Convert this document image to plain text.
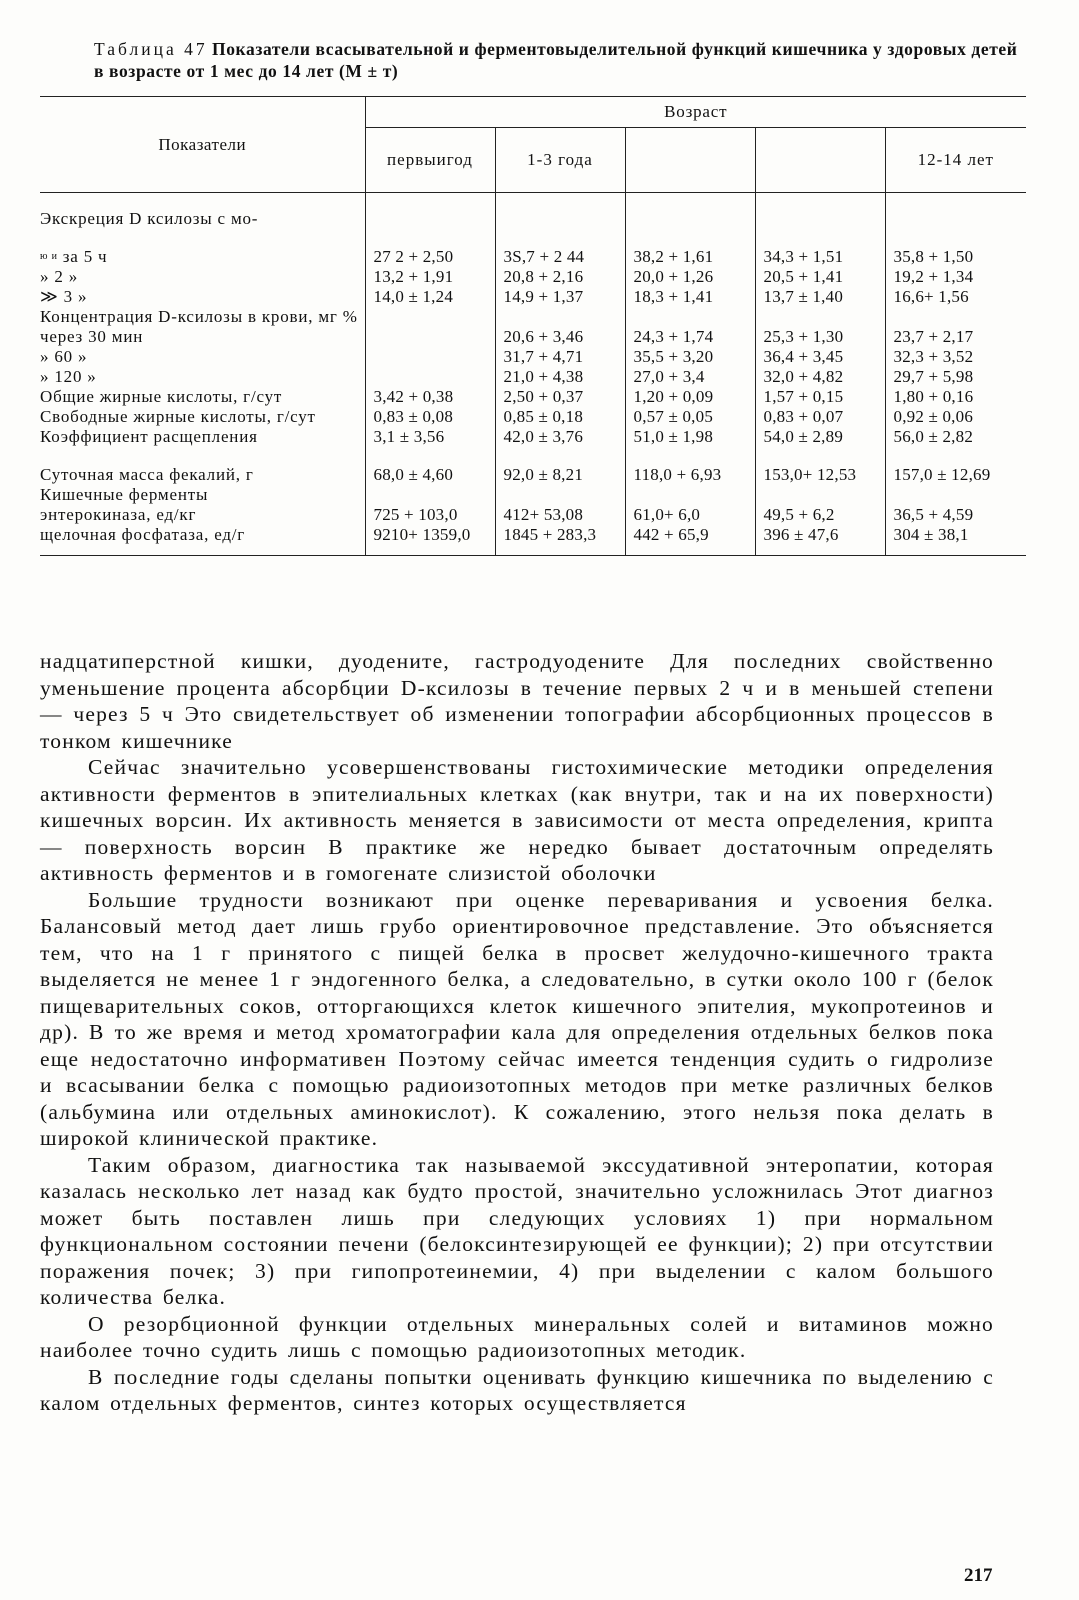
Таблица 47 Показатели всасывательной и ферментовыделительной функций кишечника у здоровых детей в возрасте от 1 мес до 14 лет (M ± т)
Показатели	Возраст				
	первыигод	1-3 года			12-14 лет
Экскреция D ксилозы с мо-					
$^{ю и}$ за 5 ч	27 2 + 2,50	3S,7 + 2 44	38,2 + 1,61	34,3 + 1,51	35,8 + 1,50
» 2 »	13,2 + 1,91	20,8 + 2,16	20,0 + 1,26	20,5 + 1,41	19,2 + 1,34
≫ 3 »	14,0 ± 1,24	14,9 + 1,37	18,3 + 1,41	13,7 ± 1,40	16,6+ 1,56
Концентрация D-ксилозы в крови, мг %					
через 30 мин		20,6 + 3,46	24,3 + 1,74	25,3 + 1,30	23,7 + 2,17
» 60 »		31,7 + 4,71	35,5 + 3,20	36,4 + 3,45	32,3 + 3,52
» 120 »		21,0 + 4,38	27,0 + 3,4	32,0 + 4,82	29,7 + 5,98
Общие жирные кислоты, г/сут	3,42 + 0,38	2,50 + 0,37	1,20 + 0,09	1,57 + 0,15	1,80 + 0,16
Свободные жирные кислоты, г/сут	0,83 ± 0,08	0,85 ± 0,18	0,57 ± 0,05	0,83 + 0,07	0,92 ± 0,06
Коэффициент расщепления	3,1 ± 3,56	42,0 ± 3,76	51,0 ± 1,98	54,0 ± 2,89	56,0 ± 2,82
Суточная масса фекалий, г	68,0 ± 4,60	92,0 ± 8,21	118,0 + 6,93	153,0+ 12,53	157,0 ± 12,69
Кишечные ферменты					
энтерокиназа, ед/кг	725 + 103,0	412+ 53,08	61,0+ 6,0	49,5 + 6,2	36,5 + 4,59
щелочная фосфатаза, ед/г	9210+ 1359,0	1845 + 283,3	442 + 65,9	396 ± 47,6	304 ± 38,1

надцатиперстной кишки, дуодените, гастродуодените Для последних свойственно уменьшение процента абсорбции D-ксилозы в течение первых 2 ч и в меньшей степени — через 5 ч Это свидетельствует об изменении топографии абсорбционных процессов в тонком кишечнике

Сейчас значительно усовершенствованы гистохимические методики определения активности ферментов в эпителиальных клетках (как внутри, так и на их поверхности) кишечных ворсин. Их активность меняется в зависимости от места определения, крипта — поверхность ворсин В практике же нередко бывает достаточным определять активность ферментов и в гомогенате слизистой оболочки

Большие трудности возникают при оценке переваривания и усвоения белка. Балансовый метод дает лишь грубо ориентировочное представление. Это объясняется тем, что на 1 г принятого с пищей белка в просвет желудочно-кишечного тракта выделяется не менее 1 г эндогенного белка, а следовательно, в сутки около 100 г (белок пищеварительных соков, отторгающихся клеток кишечного эпителия, мукопротеинов и др). В то же время и метод хроматографии кала для определения отдельных белков пока еще недостаточно информативен Поэтому сейчас имеется тенденция судить о гидролизе и всасывании белка с помощью радиоизотопных методов при метке различных белков (альбумина или отдельных аминокислот). К сожалению, этого нельзя пока делать в широкой клинической практике.

Таким образом, диагностика так называемой экссудативной энтеропатии, которая казалась несколько лет назад как будто простой, значительно усложнилась Этот диагноз может быть поставлен лишь при следующих условиях 1) при нормальном функциональном состоянии печени (белоксинтезирующей ее функции); 2) при отсутствии поражения почек; 3) при гипопротеинемии, 4) при выделении с калом большого количества белка.

О резорбционной функции отдельных минеральных солей и витаминов можно наиболее точно судить лишь с помощью радиоизотопных методик.

В последние годы сделаны попытки оценивать функцию кишечника по выделению с калом отдельных ферментов, синтез которых осуществляется

217
